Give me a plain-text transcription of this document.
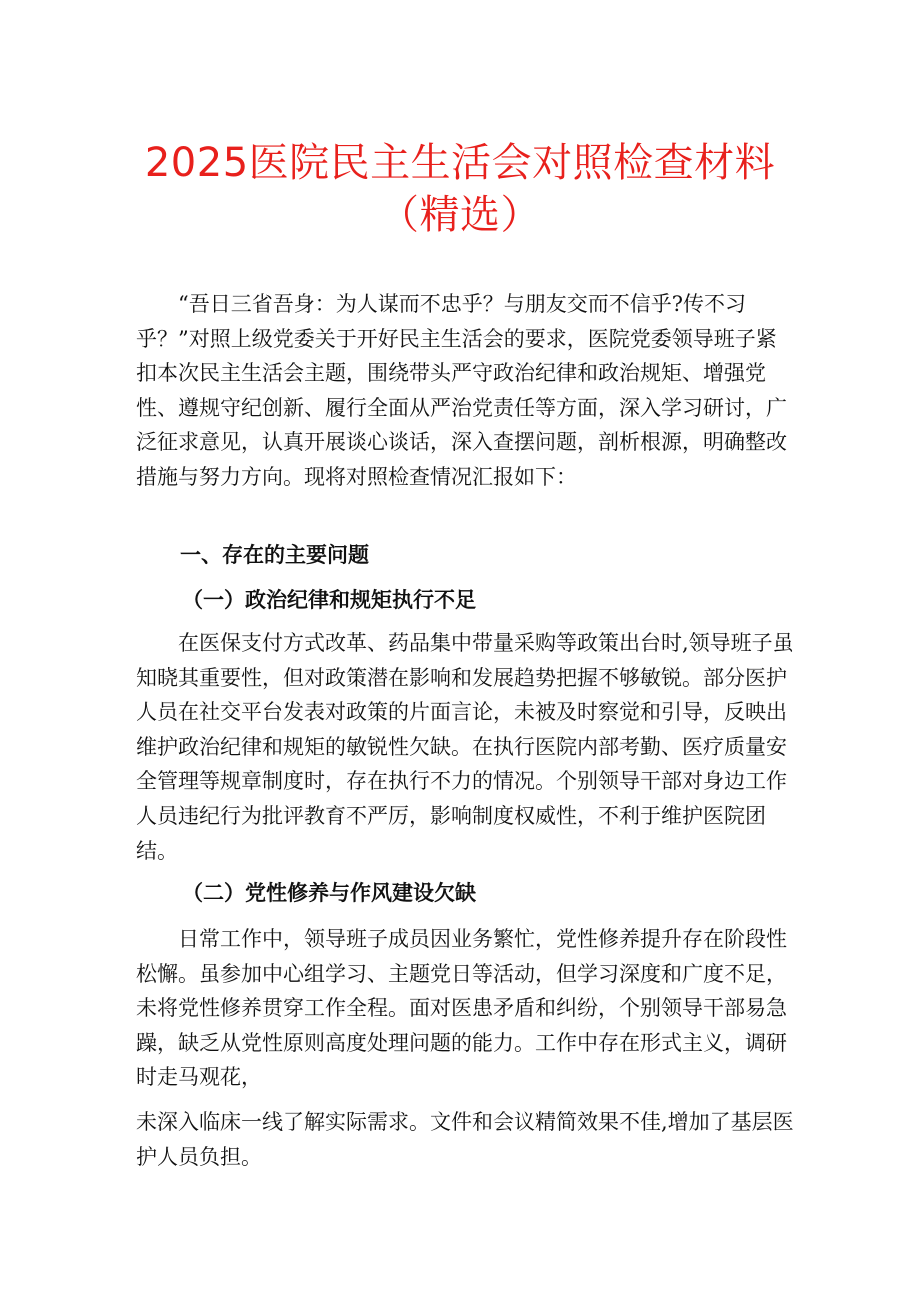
2025医院民主生活会对照检查材料
（精选）
“吾日三省吾身：为人谋而不忠乎？与朋友交而不信乎?传不习乎？”对照上级党委关于开好民主生活会的要求，医院党委领导班子紧扣本次民主生活会主题，围绕带头严守政治纪律和政治规矩、增强党性、遵规守纪创新、履行全面从严治党责任等方面，深入学习研讨，广泛征求意见，认真开展谈心谈话，深入查摆问题，剖析根源，明确整改措施与努力方向。现将对照检查情况汇报如下：
一、存在的主要问题
（一）政治纪律和规矩执行不足
在医保支付方式改革、药品集中带量采购等政策出台时,领导班子虽知晓其重要性，但对政策潜在影响和发展趋势把握不够敏锐。部分医护人员在社交平台发表对政策的片面言论，未被及时察觉和引导，反映出维护政治纪律和规矩的敏锐性欠缺。在执行医院内部考勤、医疗质量安全管理等规章制度时，存在执行不力的情况。个别领导干部对身边工作人员违纪行为批评教育不严厉，影响制度权威性，不利于维护医院团结。
（二）党性修养与作风建设欠缺
日常工作中，领导班子成员因业务繁忙，党性修养提升存在阶段性松懈。虽参加中心组学习、主题党日等活动，但学习深度和广度不足，未将党性修养贯穿工作全程。面对医患矛盾和纠纷，个别领导干部易急躁，缺乏从党性原则高度处理问题的能力。工作中存在形式主义，调研时走马观花，
未深入临床一线了解实际需求。文件和会议精简效果不佳,增加了基层医护人员负担。
